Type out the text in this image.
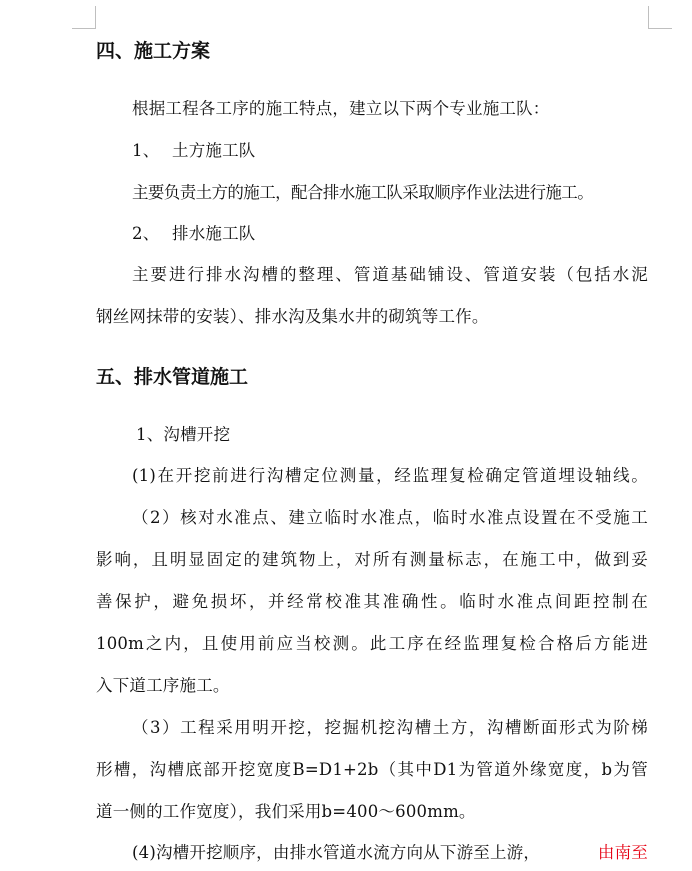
四、施工方案
根据工程各工序的施工特点，建立以下两个专业施工队：
1、 土方施工队
主要负责土方的施工，配合排水施工队采取顺序作业法进行施工。
2、 排水施工队
主要进行排水沟槽的整理、管道基础铺设、管道安装（包括水泥
钢丝网抹带的安装）、排水沟及集水井的砌筑等工作。
五、排水管道施工
1、沟槽开挖
(1)在开挖前进行沟槽定位测量，经监理复检确定管道埋设轴线。
（2）核对水准点、建立临时水准点，临时水准点设置在不受施工
影响，且明显固定的建筑物上，对所有测量标志，在施工中，做到妥
善保护，避免损坏，并经常校准其准确性。临时水准点间距控制在
100m之内，且使用前应当校测。此工序在经监理复检合格后方能进
入下道工序施工。
（3）工程采用明开挖，挖掘机挖沟槽土方，沟槽断面形式为阶梯
形槽，沟槽底部开挖宽度B=D1+2b（其中D1为管道外缘宽度，b为管
道一侧的工作宽度），我们采用b=400～600mm。
(4)沟槽开挖顺序，由排水管道水流方向从下游至上游，	由南至
